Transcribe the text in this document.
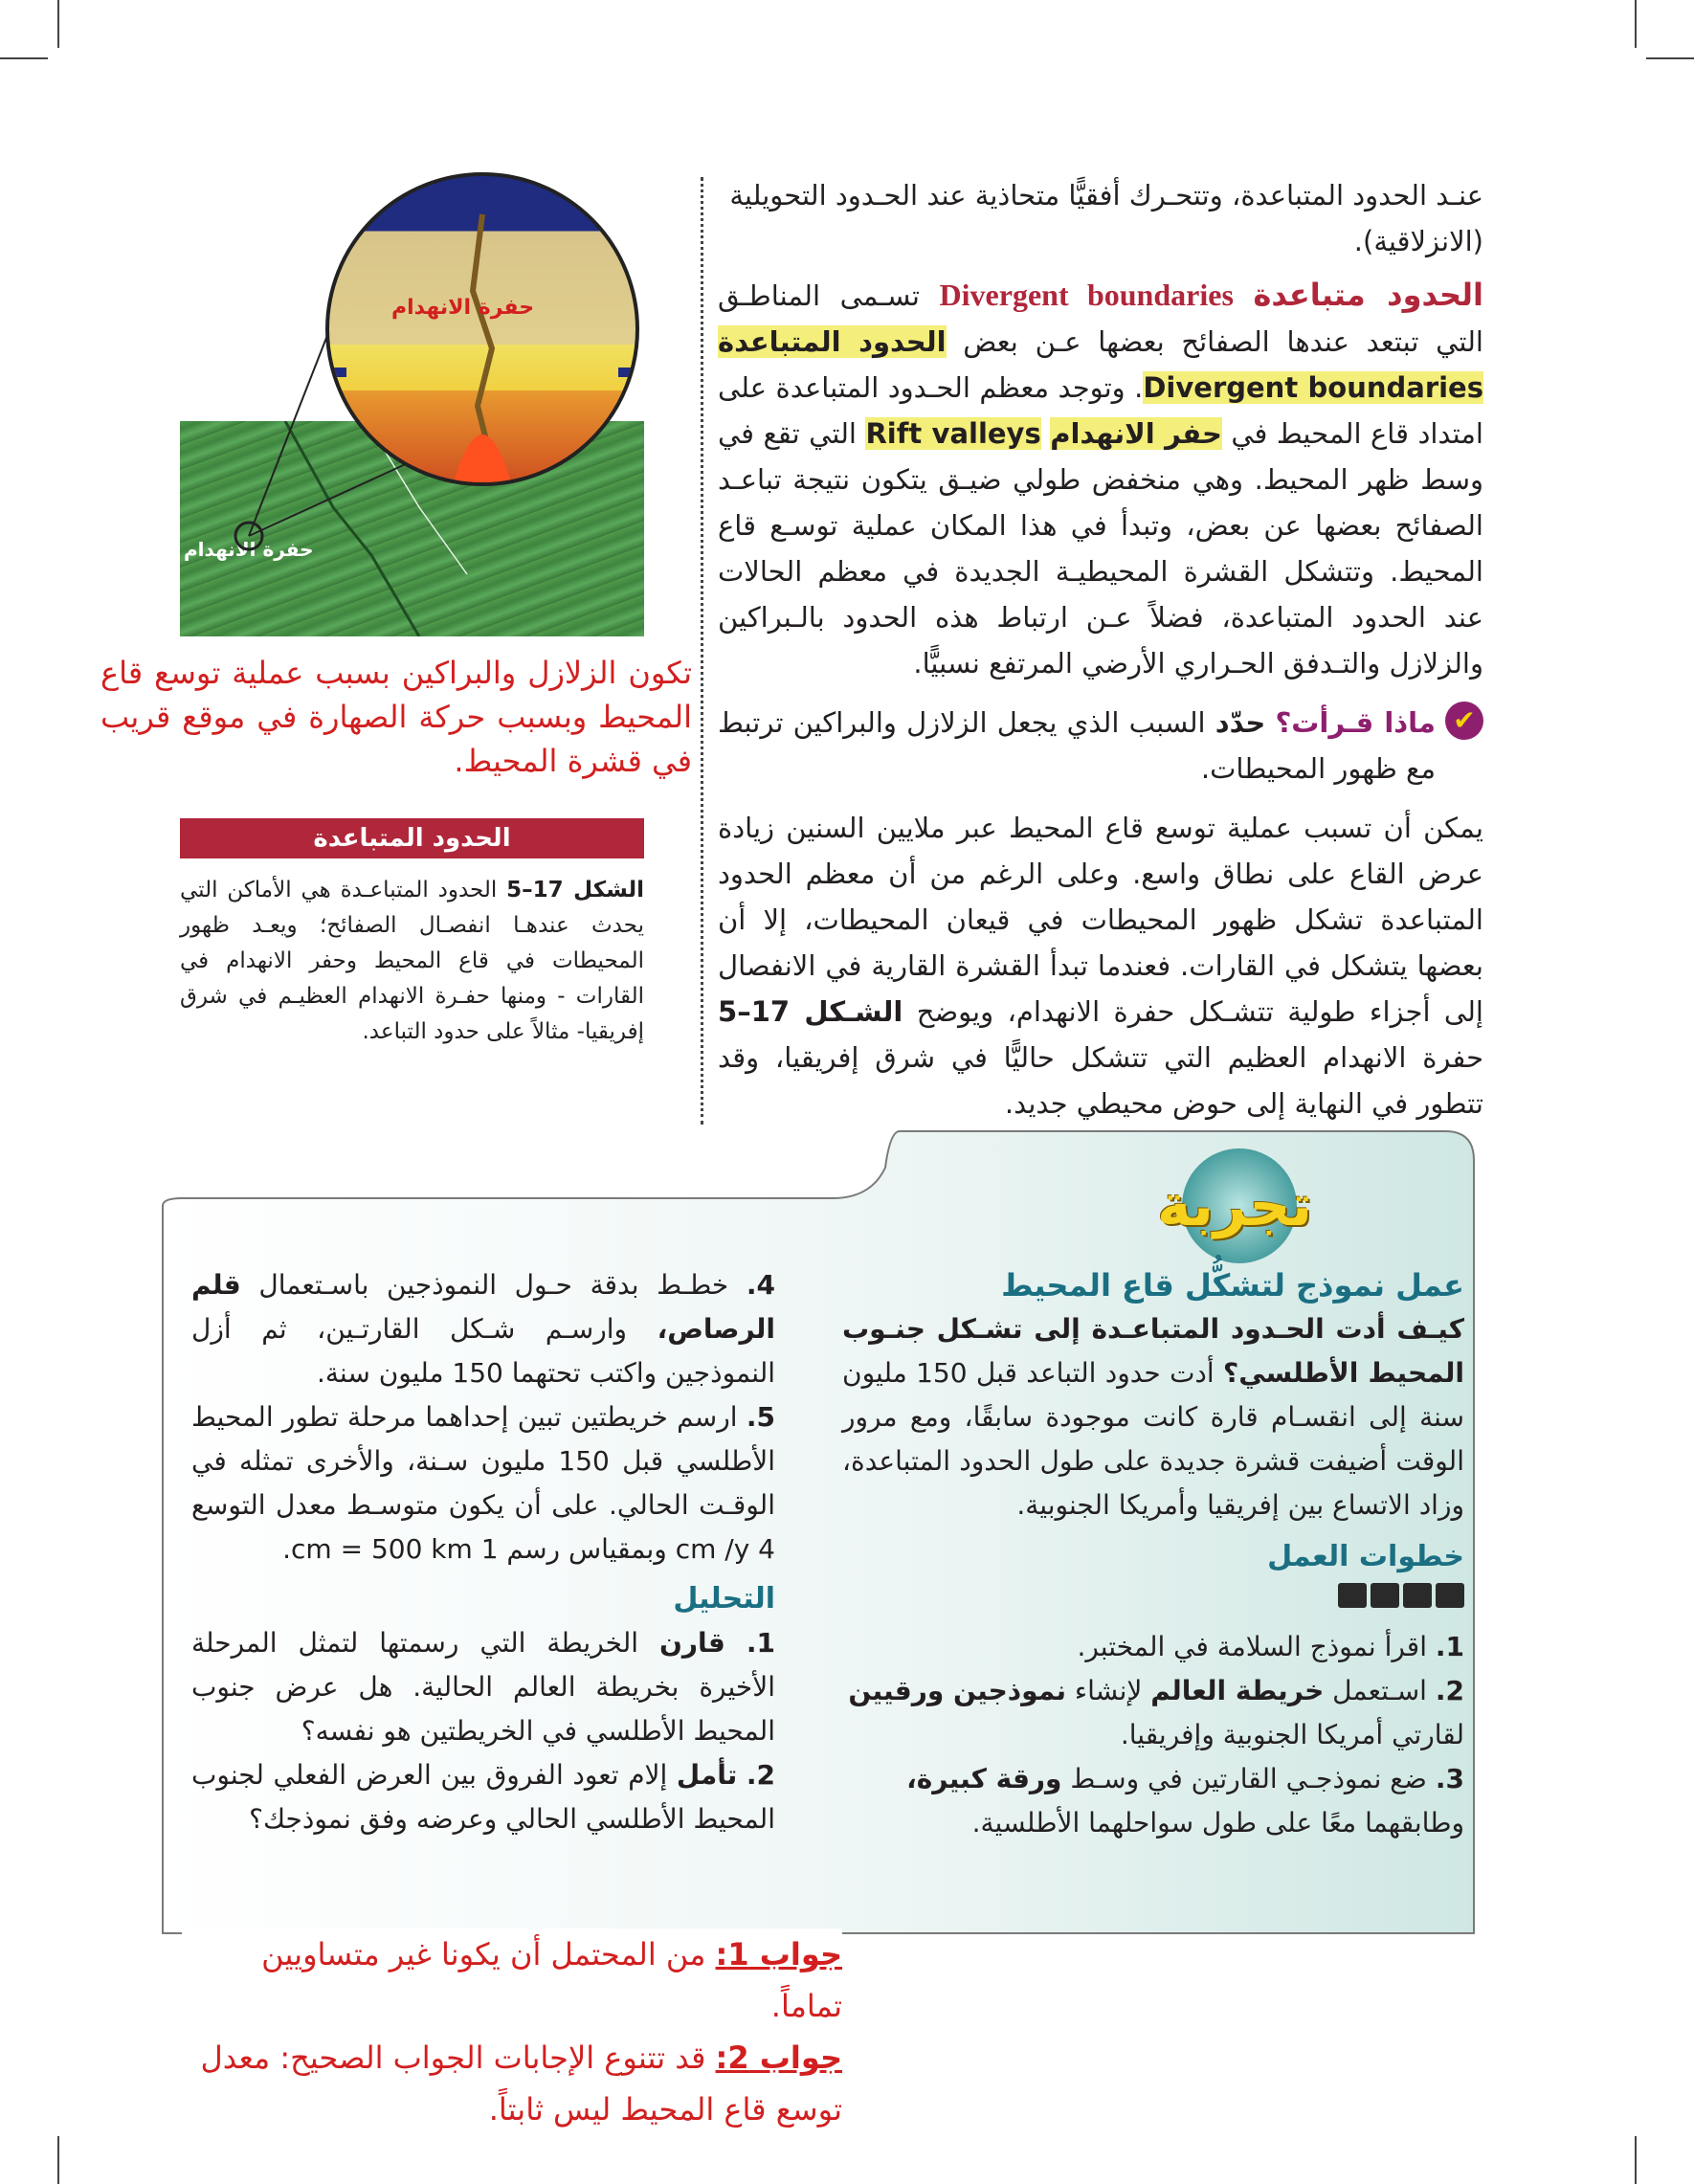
عنـد الحدود المتباعدة، وتتحـرك أفقيًّا متحاذية عند الحـدود التحويلية
(الانزلاقية).

الحدود متباعدة Divergent boundaries تسـمى المناطـق التي تبتعد عندها الصفائح بعضها عـن بعض الحدود المتباعدة Divergent boundaries. وتوجد معظم الحـدود المتباعدة على امتداد قاع المحيط في حفر الانهدام Rift valleys التي تقع في وسط ظهر المحيط. وهي منخفض طولي ضيـق يتكون نتيجة تباعـد الصفائح بعضها عن بعض، وتبدأ في هذا المكان عملية توسـع قاع المحيط. وتتشكل القشرة المحيطيـة الجديدة في معظم الحالات عند الحدود المتباعدة، فضلاً عـن ارتباط هذه الحدود بالـبراكين والزلازل والتـدفق الحـراري الأرضي المرتفع نسبيًّا.

✔

ماذا قـرأت؟ حدّد السبب الذي يجعل الزلازل والبراكين ترتبط مع ظهور المحيطات.

يمكن أن تسبب عملية توسع قاع المحيط عبر ملايين السنين زيادة عرض القاع على نطاق واسع. وعلى الرغم من أن معظم الحدود المتباعدة تشكل ظهور المحيطات في قيعان المحيطات، إلا أن بعضها يتشكل في القارات. فعندما تبدأ القشرة القارية في الانفصال إلى أجزاء طولية تتشـكل حفرة الانهدام، ويوضح الشـكل 17–5 حفرة الانهدام العظيم التي تتشكل حاليًّا في شرق إفريقيا، وقد تتطور في النهاية إلى حوض محيطي جديد.

حفرة الانهدام
حفرة الانهدام

تكون الزلازل والبراكين بسبب عملية توسع قاع المحيط وبسبب حركة الصهارة في موقع قريب في قشرة المحيط.

الحدود المتباعدة

الشكل 17–5 الحدود المتباعـدة هي الأماكن التي يحدث عندهـا انفصـال الصفائح؛ ويعـد ظهور المحيطات في قاع المحيط وحفر الانهدام في القارات - ومنها حفـرة الانهدام العظيـم في شرق إفريقيا- مثالاً على حدود التباعد.

تجربة
عمل نموذج لتشكُّل قاع المحيط

كيـف أدت الحـدود المتباعـدة إلى تشـكل جنـوب المحيط الأطلسي؟ أدت حدود التباعد قبل 150 مليون سنة إلى انقسـام قارة كانت موجودة سابقًا، ومع مرور الوقت أضيفت قشرة جديدة على طول الحدود المتباعدة، وزاد الاتساع بين إفريقيا وأمريكا الجنوبية.

خطوات العمل
1. اقرأ نموذج السلامة في المختبر.
2. اسـتعمل خريطة العالم لإنشاء نموذجين ورقيين لقارتي أمريكا الجنوبية وإفريقيا.
3. ضع نموذجـي القارتين في وسـط ورقة كبيرة، وطابقهما معًا على طول سواحلهما الأطلسية.
4. خطـط بدقة حـول النموذجين باسـتعمال قلم الرصاص، وارسـم شـكل القارتـين، ثم أزل النموذجين واكتب تحتهما 150 مليون سنة.
5. ارسم خريطتين تبين إحداهما مرحلة تطور المحيط الأطلسي قبل 150 مليون سـنة، والأخرى تمثله في الوقـت الحالي. على أن يكون متوسـط معدل التوسع 4 cm /y وبمقياس رسم 1 cm = 500 km.
التحليل
1. قارن الخريطة التي رسمتها لتمثل المرحلة الأخيرة بخريطة العالم الحالية. هل عرض جنوب المحيط الأطلسي في الخريطتين هو نفسه؟
2. تأمل إلام تعود الفروق بين العرض الفعلي لجنوب المحيط الأطلسي الحالي وعرضه وفق نموذجك؟
جواب 1: من المحتمل أن يكونا غير متساويين تماماً.
جواب 2: قد تتنوع الإجابات الجواب الصحيح: معدل توسع قاع المحيط ليس ثابتاً.
